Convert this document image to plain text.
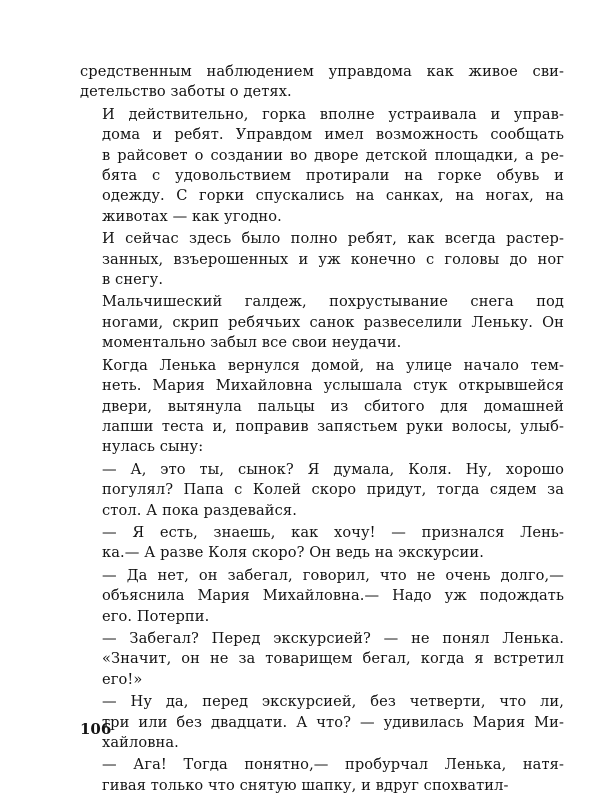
средственным наблюдением управдома как живое сви-
детельство заботы о детях.

И действительно, горка вполне устраивала и управ-
дома и ребят. Управдом имел возможность сообщать
в райсовет о создании во дворе детской площадки, а ре-
бята с удовольствием протирали на горке обувь и
одежду. С горки спускались на санках, на ногах, на
животах — как угодно.

И сейчас здесь было полно ребят, как всегда растер-
занных, взъерошенных и уж конечно с головы до ног
в снегу.

Мальчишеский галдеж, похрустывание снега под
ногами, скрип ребячьих санок развеселили Леньку. Он
моментально забыл все свои неудачи.

Когда Ленька вернулся домой, на улице начало тем-
неть. Мария Михайловна услышала стук открывшейся
двери, вытянула пальцы из сбитого для домашней
лапши теста и, поправив запястьем руки волосы, улыб-
нулась сыну:

— А, это ты, сынок? Я думала, Коля. Ну, хорошо
погулял? Папа с Колей скоро придут, тогда сядем за
стол. А пока раздевайся.

— Я есть, знаешь, как хочу! — признался Лень-
ка.— А разве Коля скоро? Он ведь на экскурсии.

— Да нет, он забегал, говорил, что не очень долго,—
объяснила Мария Михайловна.— Надо уж подождать
его. Потерпи.

— Забегал? Перед экскурсией? — не понял Ленька.
«Значит, он не за товарищем бегал, когда я встретил
его!»

— Ну да, перед экскурсией, без четверти, что ли,
три или без двадцати. А что? — удивилась Мария Ми-
хайловна.

— Ага! Тогда понятно,— пробурчал Ленька, натя-
гивая только что снятую шапку, и вдруг спохватил-

106
